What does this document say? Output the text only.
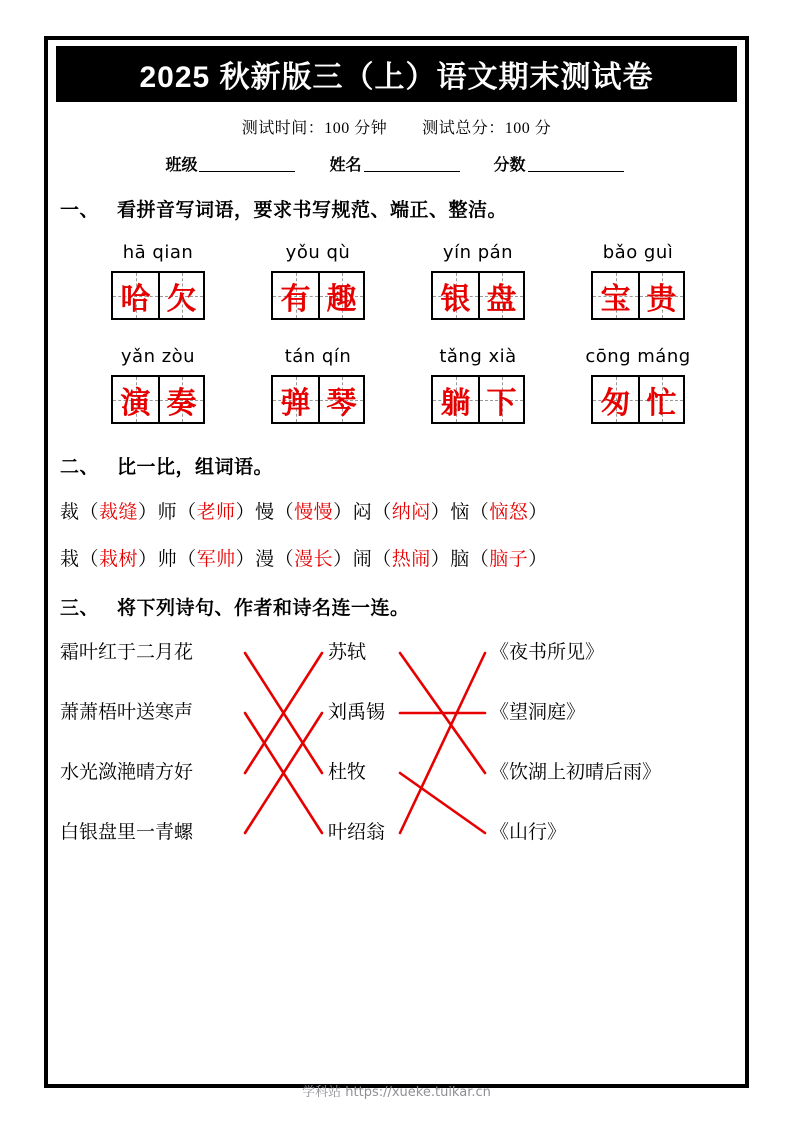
2025 秋新版三（上）语文期末测试卷
测试时间：100 分钟 测试总分：100 分
班级	姓名	分数
一、 看拼音写词语，要求书写规范、端正、整洁。
hā qian	yǒu qù	yín pán	bǎo guì
哈 欠	有 趣	银 盘	宝 贵
yǎn zòu	tán qín	tǎng xià	cōng máng
演 奏	弹 琴	躺 下	匆 忙
二、 比一比，组词语。
裁（裁缝）师（老师）慢（慢慢）闷（纳闷）恼（恼怒）
栽（栽树）帅（军帅）漫（漫长）闹（热闹）脑（脑子）
三、 将下列诗句、作者和诗名连一连。
霜叶红于二月花
萧萧梧叶送寒声
水光潋滟晴方好
白银盘里一青螺
苏轼
刘禹锡
杜牧
叶绍翁
《夜书所见》
《望洞庭》
《饮湖上初晴后雨》
《山行》
学科站 https://xueke.tuikar.cn
